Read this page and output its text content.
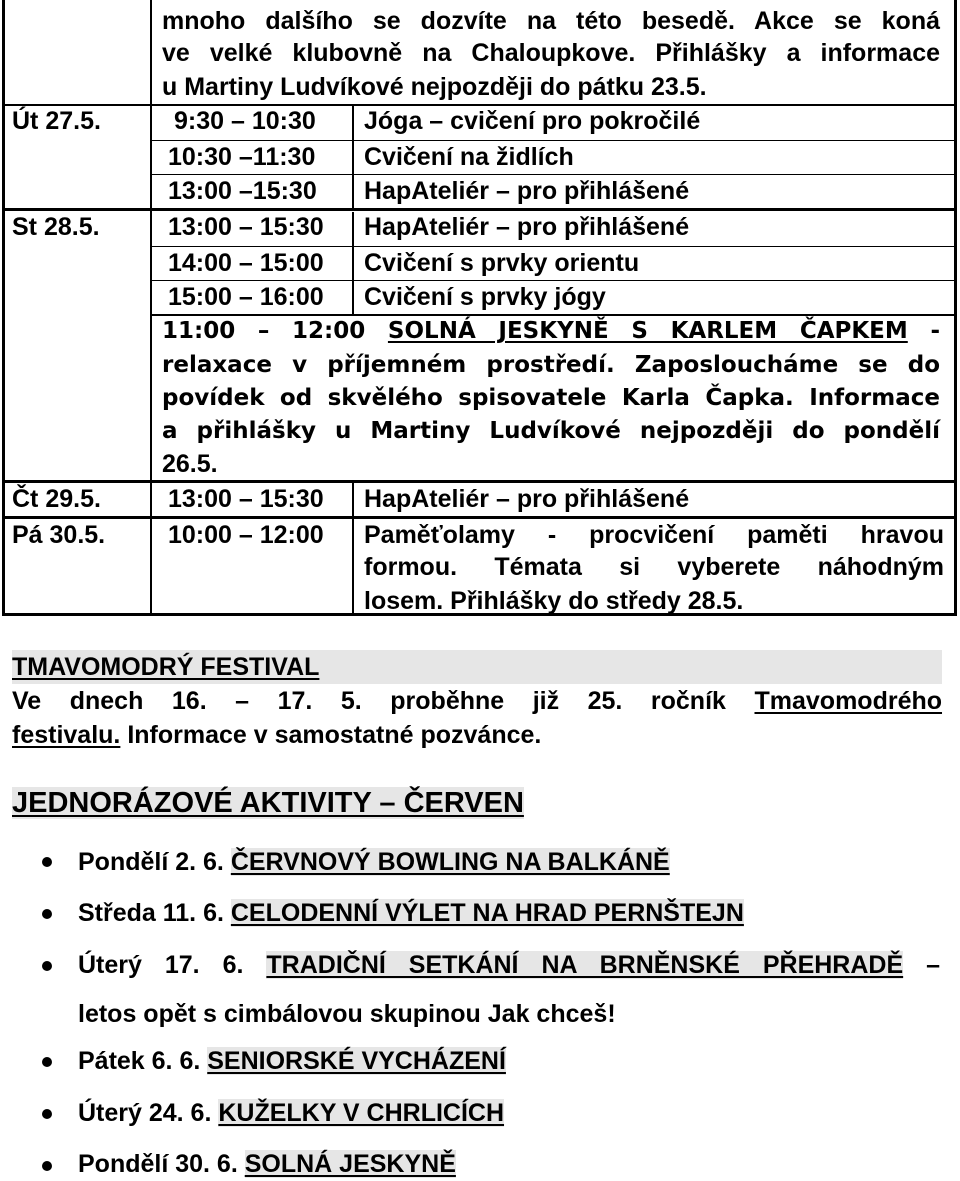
mnoho dalšího se dozvíte na této besedě. Akce se koná
ve velké klubovně na Chaloupkove. Přihlášky a informace
u Martiny Ludvíkové nejpozději do pátku 23.5.
Út 27.5.	9:30 – 10:30 Jóga – cvičení pro pokročilé
10:30 –11:30 Cvičení na židlích
13:00 –15:30 HapAteliér – pro přihlášené
St 28.5.	13:00 – 15:30 HapAteliér – pro přihlášené
14:00 – 15:00 Cvičení s prvky orientu
15:00 – 16:00 Cvičení s prvky jógy
11:00 – 12:00 SOLNÁ JESKYNĚ S KARLEM ČAPKEM -
relaxace v příjemném prostředí. Zaposloucháme se do
povídek od skvělého spisovatele Karla Čapka. Informace
a přihlášky u Martiny Ludvíkové nejpozději do pondělí
26.5.
Čt 29.5.	13:00 – 15:30 HapAteliér – pro přihlášené
Pá 30.5.	10:00 – 12:00 Paměťolamy - procvičení paměti hravou
formou. Témata si vyberete náhodným
losem. Přihlášky do středy 28.5.
TMAVOMODRÝ FESTIVAL
Ve dnech 16. – 17. 5. proběhne již 25. ročník Tmavomodrého
festivalu. Informace v samostatné pozvánce.
JEDNORÁZOVÉ AKTIVITY – ČERVEN
Pondělí 2. 6. ČERVNOVÝ BOWLING NA BALKÁNĚ
Středa 11. 6. CELODENNÍ VÝLET NA HRAD PERNŠTEJN
Úterý 17. 6. TRADIČNÍ SETKÁNÍ NA BRNĚNSKÉ PŘEHRADĚ –
letos opět s cimbálovou skupinou Jak chceš!
Pátek 6. 6. SENIORSKÉ VYCHÁZENÍ
Úterý 24. 6. KUŽELKY V CHRLICÍCH
Pondělí 30. 6. SOLNÁ JESKYNĚ
